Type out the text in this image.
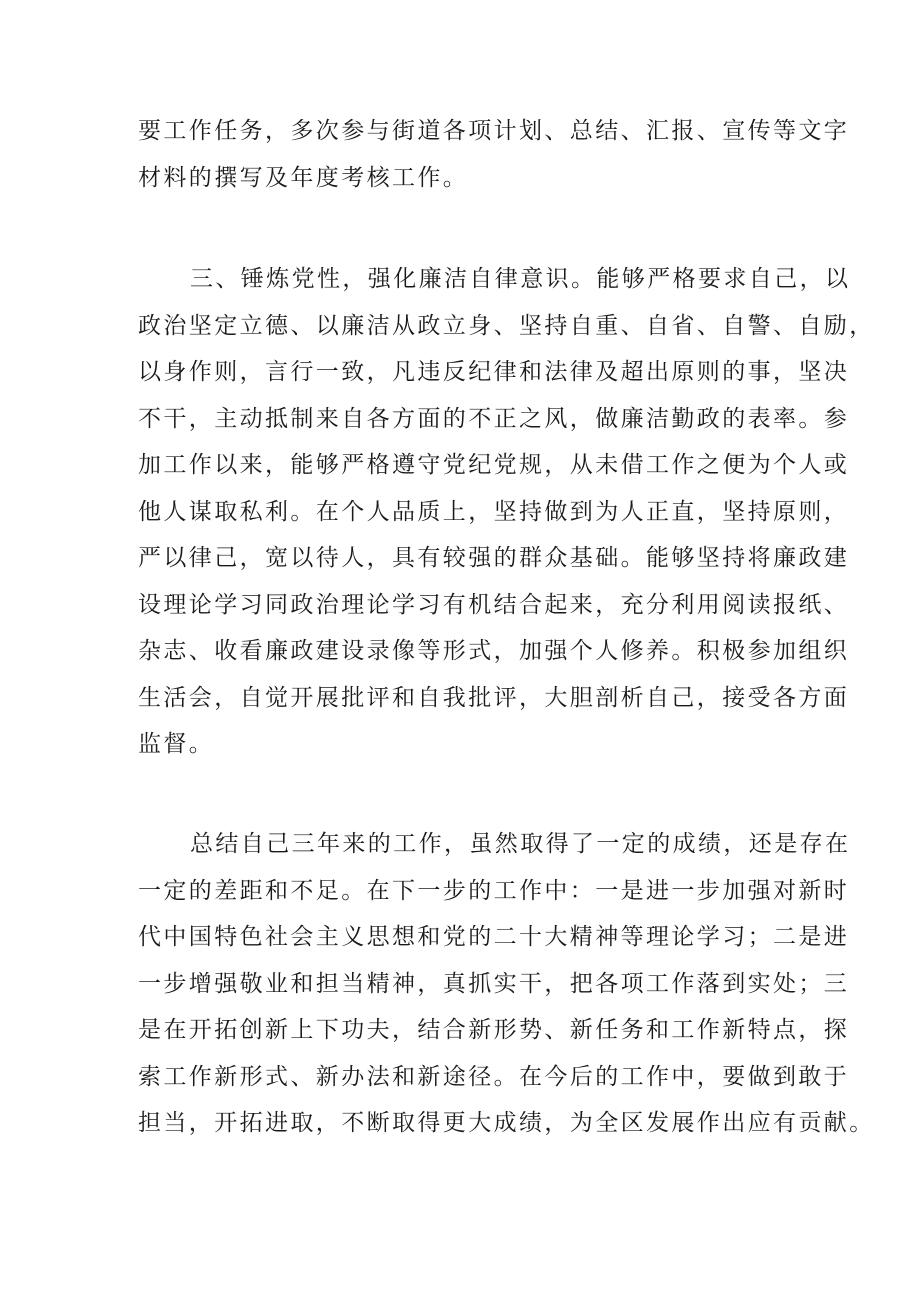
要工作任务，多次参与街道各项计划、总结、汇报、宣传等文字
材料的撰写及年度考核工作。
三、锤炼党性，强化廉洁自律意识。能够严格要求自己，以
政治坚定立德、以廉洁从政立身、坚持自重、自省、自警、自励，
以身作则，言行一致，凡违反纪律和法律及超出原则的事，坚决
不干，主动抵制来自各方面的不正之风，做廉洁勤政的表率。参
加工作以来，能够严格遵守党纪党规，从未借工作之便为个人或
他人谋取私利。在个人品质上，坚持做到为人正直，坚持原则，
严以律己，宽以待人，具有较强的群众基础。能够坚持将廉政建
设理论学习同政治理论学习有机结合起来，充分利用阅读报纸、
杂志、收看廉政建设录像等形式，加强个人修养。积极参加组织
生活会，自觉开展批评和自我批评，大胆剖析自己，接受各方面
监督。
总结自己三年来的工作，虽然取得了一定的成绩，还是存在
一定的差距和不足。在下一步的工作中：一是进一步加强对新时
代中国特色社会主义思想和党的二十大精神等理论学习；二是进
一步增强敬业和担当精神，真抓实干，把各项工作落到实处；三
是在开拓创新上下功夫，结合新形势、新任务和工作新特点，探
索工作新形式、新办法和新途径。在今后的工作中，要做到敢于
担当，开拓进取，不断取得更大成绩，为全区发展作出应有贡献。
